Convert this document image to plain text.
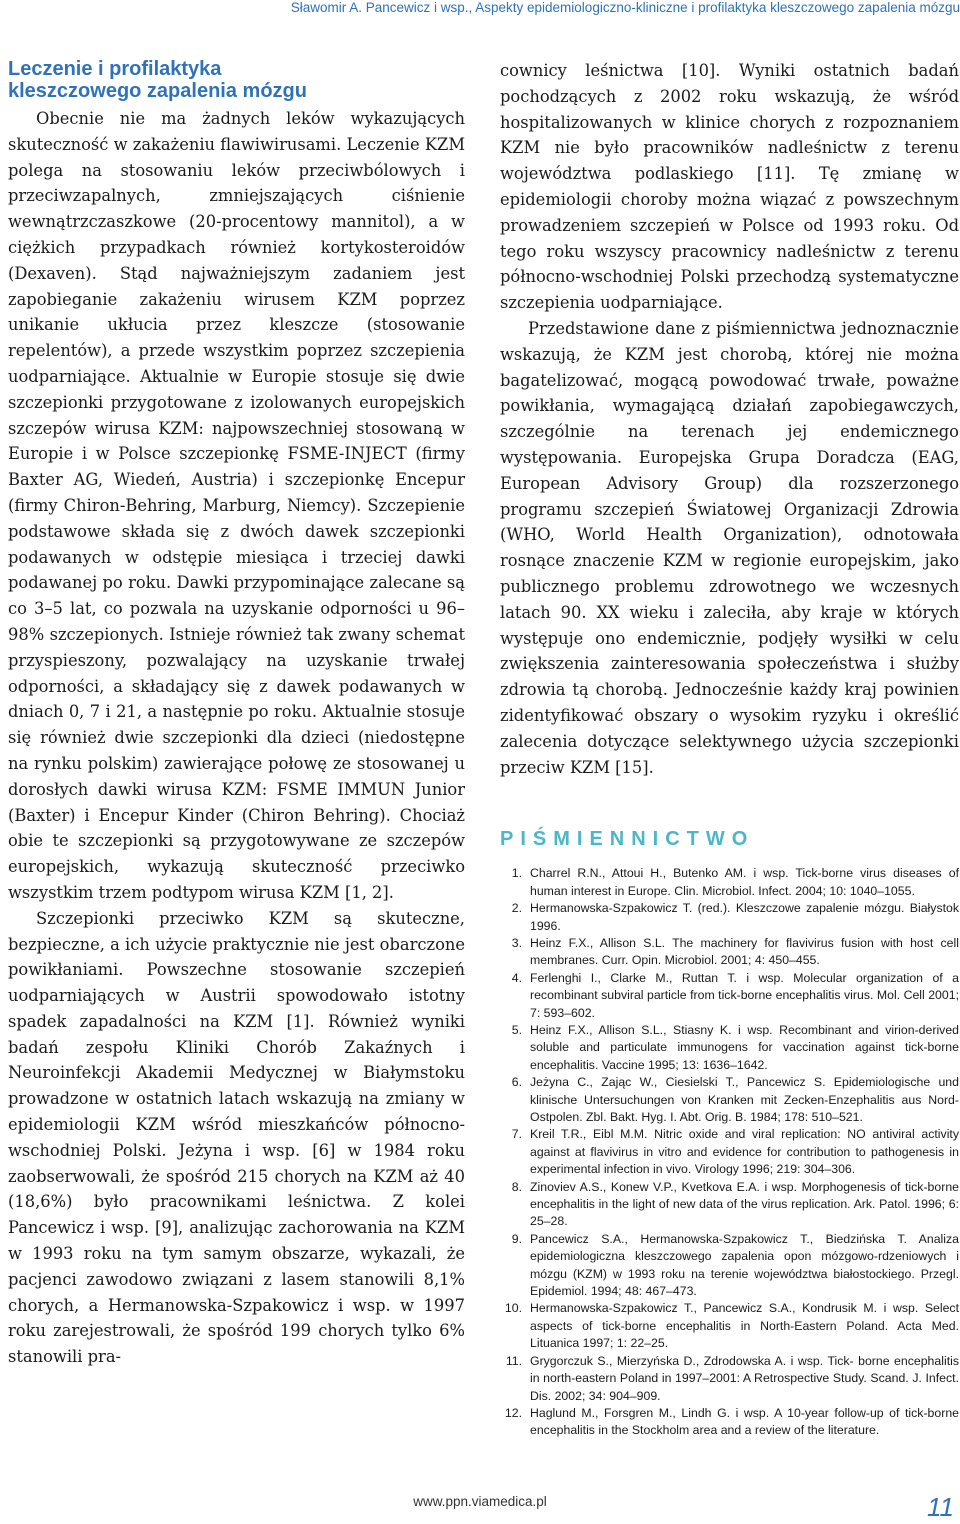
Sławomir A. Pancewicz i wsp., Aspekty epidemiologiczno-kliniczne i profilaktyka kleszczowego zapalenia mózgu
Leczenie i profilaktyka
kleszczowego zapalenia mózgu

Obecnie nie ma żadnych leków wykazujących skuteczność w zakażeniu flawiwirusami. Leczenie KZM polega na stosowaniu leków przeciwbólowych i przeciwzapalnych, zmniejszających ciśnienie wewnątrzczaszkowe (20-procentowy mannitol), a w ciężkich przypadkach również kortykosteroidów (Dexaven). Stąd najważniejszym zadaniem jest zapobieganie zakażeniu wirusem KZM poprzez unikanie ukłucia przez kleszcze (stosowanie repelentów), a przede wszystkim poprzez szczepienia uodparniające. Aktualnie w Europie stosuje się dwie szczepionki przygotowane z izolowanych europejskich szczepów wirusa KZM: najpowszechniej stosowaną w Europie i w Polsce szczepionkę FSME-INJECT (firmy Baxter AG, Wiedeń, Austria) i szczepionkę Encepur (firmy Chiron-Behring, Marburg, Niemcy). Szczepienie podstawowe składa się z dwóch dawek szczepionki podawanych w odstępie miesiąca i trzeciej dawki podawanej po roku. Dawki przypominające zalecane są co 3–5 lat, co pozwala na uzyskanie odporności u 96–98% szczepionych. Istnieje również tak zwany schemat przyspieszony, pozwalający na uzyskanie trwałej odporności, a składający się z dawek podawanych w dniach 0, 7 i 21, a następnie po roku. Aktualnie stosuje się również dwie szczepionki dla dzieci (niedostępne na rynku polskim) zawierające połowę ze stosowanej u dorosłych dawki wirusa KZM: FSME IMMUN Junior (Baxter) i Encepur Kinder (Chiron Behring). Chociaż obie te szczepionki są przygotowywane ze szczepów europejskich, wykazują skuteczność przeciwko wszystkim trzem podtypom wirusa KZM [1, 2].

Szczepionki przeciwko KZM są skuteczne, bezpieczne, a ich użycie praktycznie nie jest obarczone powikłaniami. Powszechne stosowanie szczepień uodparniających w Austrii spowodowało istotny spadek zapadalności na KZM [1]. Również wyniki badań zespołu Kliniki Chorób Zakaźnych i Neuroinfekcji Akademii Medycznej w Białymstoku prowadzone w ostatnich latach wskazują na zmiany w epidemiologii KZM wśród mieszkańców północno-wschodniej Polski. Jeżyna i wsp. [6] w 1984 roku zaobserwowali, że spośród 215 chorych na KZM aż 40 (18,6%) było pracownikami leśnictwa. Z kolei Pancewicz i wsp. [9], analizując zachorowania na KZM w 1993 roku na tym samym obszarze, wykazali, że pacjenci zawodowo związani z lasem stanowili 8,1% chorych, a Hermanowska-Szpakowicz i wsp. w 1997 roku zarejestrowali, że spośród 199 chorych tylko 6% stanowili pra-

cownicy leśnictwa [10]. Wyniki ostatnich badań pochodzących z 2002 roku wskazują, że wśród hospitalizowanych w klinice chorych z rozpoznaniem KZM nie było pracowników nadleśnictw z terenu województwa podlaskiego [11]. Tę zmianę w epidemiologii choroby można wiązać z powszechnym prowadzeniem szczepień w Polsce od 1993 roku. Od tego roku wszyscy pracownicy nadleśnictw z terenu północno-wschodniej Polski przechodzą systematyczne szczepienia uodparniające.

Przedstawione dane z piśmiennictwa jednoznacznie wskazują, że KZM jest chorobą, której nie można bagatelizować, mogącą powodować trwałe, poważne powikłania, wymagającą działań zapobiegawczych, szczególnie na terenach jej endemicznego występowania. Europejska Grupa Doradcza (EAG, European Advisory Group) dla rozszerzonego programu szczepień Światowej Organizacji Zdrowia (WHO, World Health Organization), odnotowała rosnące znaczenie KZM w regionie europejskim, jako publicznego problemu zdrowotnego we wczesnych latach 90. XX wieku i zaleciła, aby kraje w których występuje ono endemicznie, podjęły wysiłki w celu zwiększenia zainteresowania społeczeństwa i służby zdrowia tą chorobą. Jednocześnie każdy kraj powinien zidentyfikować obszary o wysokim ryzyku i określić zalecenia dotyczące selektywnego użycia szczepionki przeciw KZM [15].

PIŚMIENNICTWO
1. Charrel R.N., Attoui H., Butenko AM. i wsp. Tick-borne virus diseases of human interest in Europe. Clin. Microbiol. Infect. 2004; 10: 1040–1055.
2. Hermanowska-Szpakowicz T. (red.). Kleszczowe zapalenie mózgu. Białystok 1996.
3. Heinz F.X., Allison S.L. The machinery for flavivirus fusion with host cell membranes. Curr. Opin. Microbiol. 2001; 4: 450–455.
4. Ferlenghi I., Clarke M., Ruttan T. i wsp. Molecular organization of a recombinant subviral particle from tick-borne encephalitis virus. Mol. Cell 2001; 7: 593–602.
5. Heinz F.X., Allison S.L., Stiasny K. i wsp. Recombinant and virion-derived soluble and particulate immunogens for vaccination against tick-borne encephalitis. Vaccine 1995; 13: 1636–1642.
6. Jeżyna C., Zając W., Ciesielski T., Pancewicz S. Epidemiologische und klinische Untersuchungen von Kranken mit Zecken-Enzephalitis aus Nord-Ostpolen. Zbl. Bakt. Hyg. I. Abt. Orig. B. 1984; 178: 510–521.
7. Kreil T.R., Eibl M.M. Nitric oxide and viral replication: NO antiviral activity against at flavivirus in vitro and evidence for contribution to pathogenesis in experimental infection in vivo. Virology 1996; 219: 304–306.
8. Zinoviev A.S., Konew V.P., Kvetkova E.A. i wsp. Morphogenesis of tick-borne encephalitis in the light of new data of the virus replication. Ark. Patol. 1996; 6: 25–28.
9. Pancewicz S.A., Hermanowska-Szpakowicz T., Biedzińska T. Analiza epidemiologiczna kleszczowego zapalenia opon mózgowo-rdzeniowych i mózgu (KZM) w 1993 roku na terenie województwa białostockiego. Przegl. Epidemiol. 1994; 48: 467–473.
10. Hermanowska-Szpakowicz T., Pancewicz S.A., Kondrusik M. i wsp. Select aspects of tick-borne encephalitis in North-Eastern Poland. Acta Med. Lituanica 1997; 1: 22–25.
11. Grygorczuk S., Mierzyńska D., Zdrodowska A. i wsp. Tick- borne encephalitis in north-eastern Poland in 1997–2001: A Retrospective Study. Scand. J. Infect. Dis. 2002; 34: 904–909.
12. Haglund M., Forsgren M., Lindh G. i wsp. A 10-year follow-up of tick-borne encephalitis in the Stockholm area and a review of the literature.
www.ppn.viamedica.pl	11
